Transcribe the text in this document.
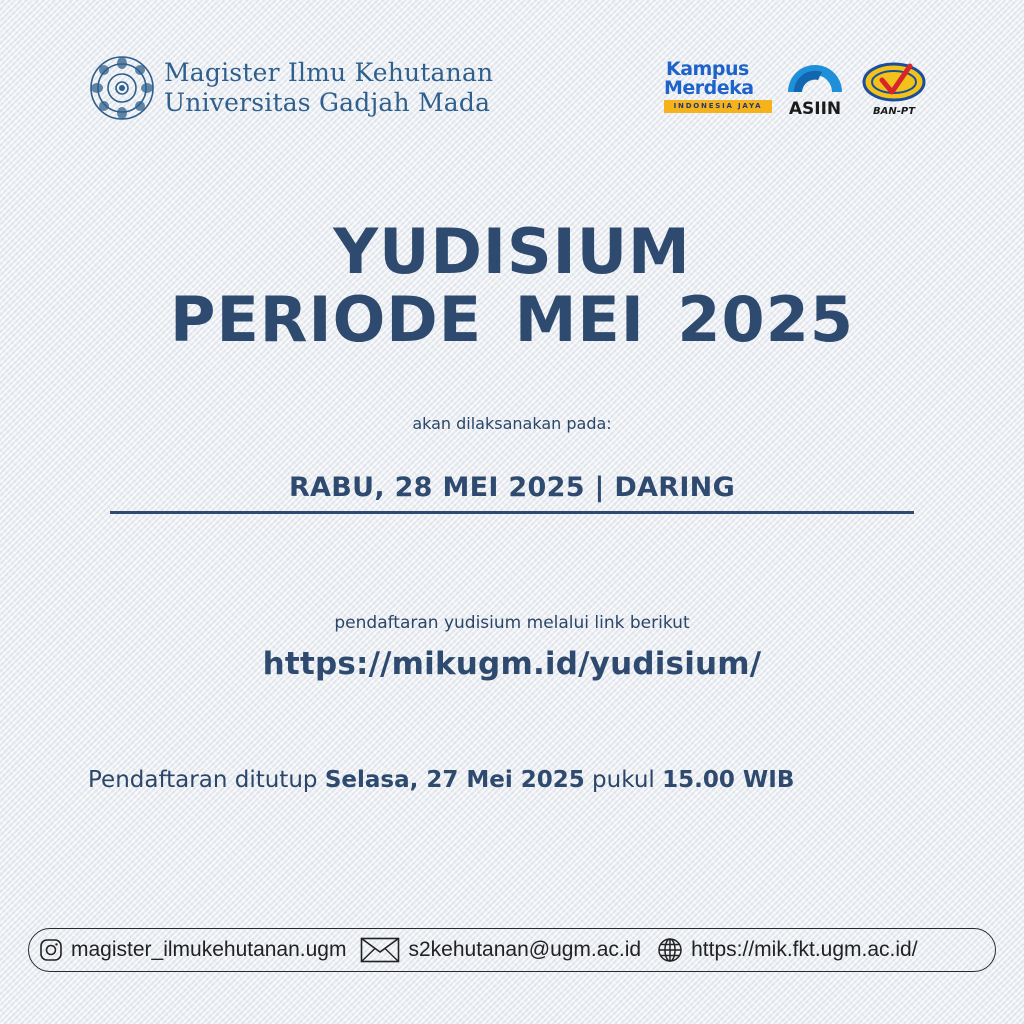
Magister Ilmu Kehutanan
Universitas Gadjah Mada
Kampus
Merdeka
INDONESIA JAYA	ASIIN	BAN-PT
YUDISIUM
PERIODE MEI 2025
akan dilaksanakan pada:
RABU, 28 MEI 2025 | DARING
pendaftaran yudisium melalui link berikut
https://mikugm.id/yudisium/
Pendaftaran ditutup Selasa, 27 Mei 2025 pukul 15.00 WIB
magister_ilmukehutanan.ugm	s2kehutanan@ugm.ac.id https://mik.fkt.ugm.ac.id/
